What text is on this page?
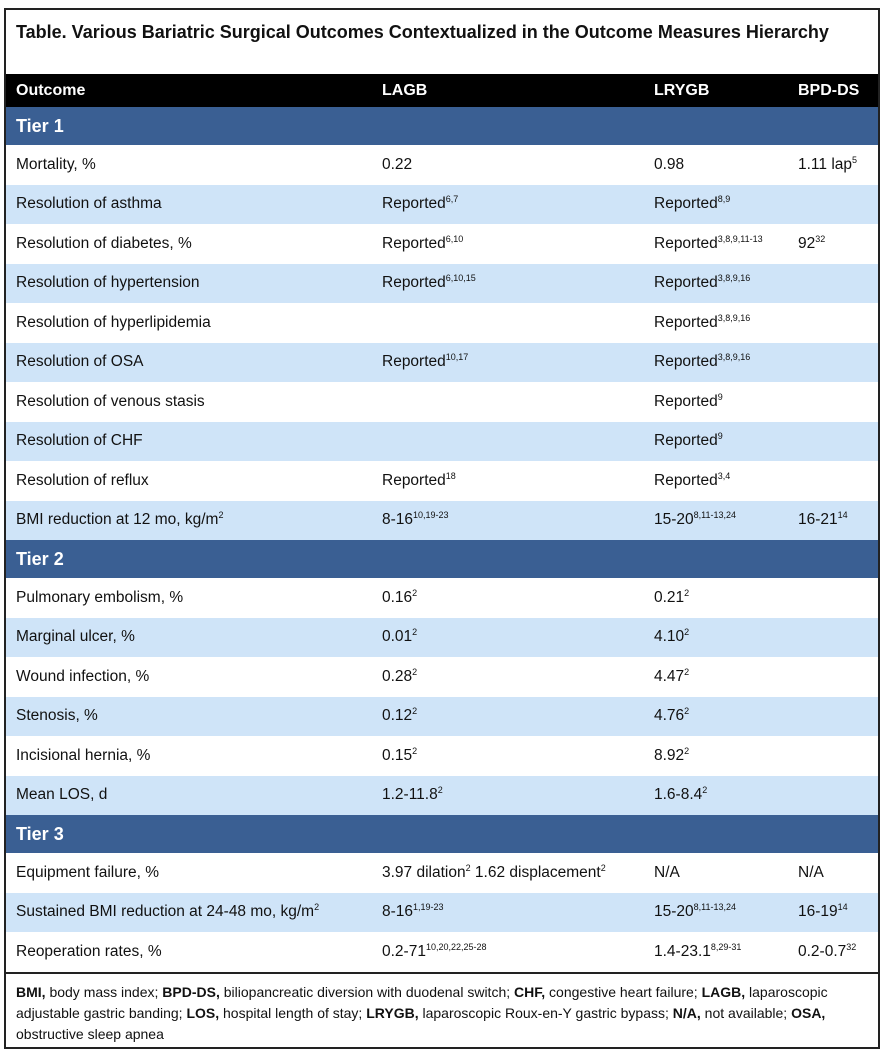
Table. Various Bariatric Surgical Outcomes Contextualized in the Outcome Measures Hierarchy
Outcome	LAGB	LRYGB	BPD-DS
Tier 1			
Mortality, %	0.22	0.98	1.11 lap$^5$
Resolution of asthma	Reported$^{6,7}$	Reported$^{8,9}$	
Resolution of diabetes, %	Reported$^{6,10}$	Reported$^{3,8,9,11-13}$	$92^{32}$
Resolution of hypertension	Reported$^{6,10,15}$	Reported$^{3,8,9,16}$	
Resolution of hyperlipidemia		Reported$^{3,8,9,16}$	
Resolution of OSA	Reported$^{10,17}$	Reported$^{3,8,9,16}$	
Resolution of venous stasis		Reported$^9$	
Resolution of CHF		Reported$^9$	
Resolution of reflux	Reported$^{18}$	Reported$^{3,4}$	
BMI reduction at 12 mo, $kg/m^2$	8-16$^{10,19-23}$	15-20$^{8,11-13,24}$	$16-21^{14}$
Tier 2			
Pulmonary embolism, %	0.16$^2$	0.21$^2$	
Marginal ulcer, %	0.01$^2$	4.10$^2$	
Wound infection, %	0.28$^2$	4.47$^2$	
Stenosis, %	0.12$^2$	4.76$^2$	
Incisional hernia, %	0.15$^2$	8.92$^2$	
Mean LOS, d	1.2-11.8$^2$	$1.6-8.4^2$	
Tier 3			
Equipment failure, %	3.97 dilation$^2$ 1.62 displacement$^2$	N/A	N/A
Sustained BMI reduction at 24-48 mo, $kg/m^2$	8-16$^{1,19-23}$	15-20$^{8,11-13,24}$	$16-19^{14}$
Reoperation rates, %	0.2-71$^{10,20,22,25-28}$	1.4-23.1$^{8,29-31}$	$0.2-0.7^{32}$
BMI, body mass index; BPD-DS, biliopancreatic diversion with duodenal switch; CHF, congestive heart failure; LAGB, laparoscopic adjustable gastric banding; LOS, hospital length of stay; LRYGB, laparoscopic Roux-en-Y gastric bypass; N/A, not available; OSA, obstructive sleep apnea
